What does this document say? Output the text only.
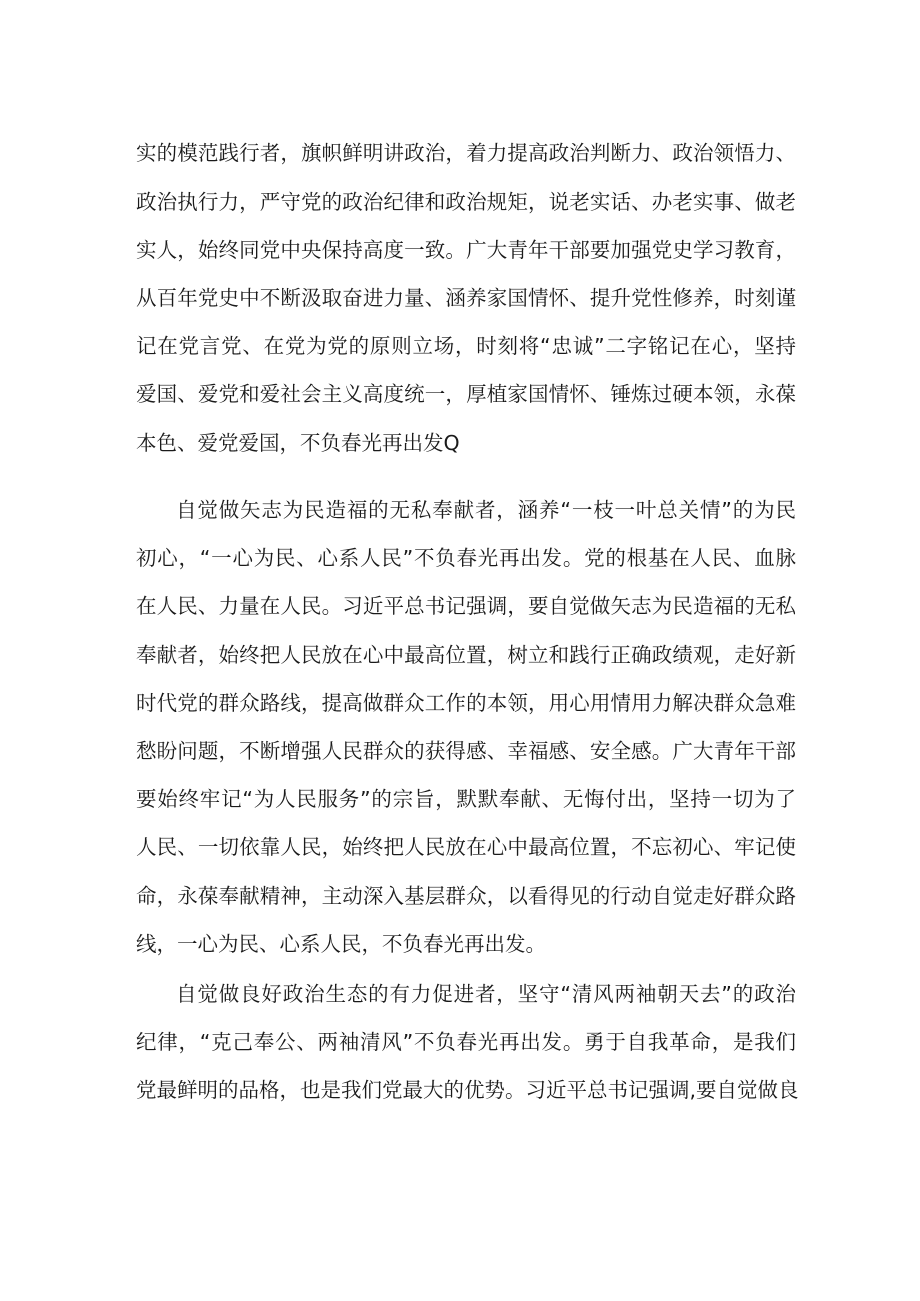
实的模范践行者，旗帜鲜明讲政治，着力提高政治判断力、政治领悟力、

政治执行力，严守党的政治纪律和政治规矩，说老实话、办老实事、做老

实人，始终同党中央保持高度一致。广大青年干部要加强党史学习教育，

从百年党史中不断汲取奋进力量、涵养家国情怀、提升党性修养，时刻谨

记在党言党、在党为党的原则立场，时刻将“忠诚”二字铭记在心，坚持

爱国、爱党和爱社会主义高度统一，厚植家国情怀、锤炼过硬本领，永葆

本色、爱党爱国，不负春光再出发Q

自觉做矢志为民造福的无私奉献者，涵养“一枝一叶总关情”的为民

初心，“一心为民、心系人民”不负春光再出发。党的根基在人民、血脉

在人民、力量在人民。习近平总书记强调，要自觉做矢志为民造福的无私

奉献者，始终把人民放在心中最高位置，树立和践行正确政绩观，走好新

时代党的群众路线，提高做群众工作的本领，用心用情用力解决群众急难

愁盼问题，不断增强人民群众的获得感、幸福感、安全感。广大青年干部

要始终牢记“为人民服务”的宗旨，默默奉献、无悔付出，坚持一切为了

人民、一切依靠人民，始终把人民放在心中最高位置，不忘初心、牢记使

命，永葆奉献精神，主动深入基层群众，以看得见的行动自觉走好群众路

线，一心为民、心系人民，不负春光再出发。

自觉做良好政治生态的有力促进者，坚守“清风两袖朝天去”的政治

纪律，“克己奉公、两袖清风”不负春光再出发。勇于自我革命，是我们

党最鲜明的品格，也是我们党最大的优势。习近平总书记强调,要自觉做良
